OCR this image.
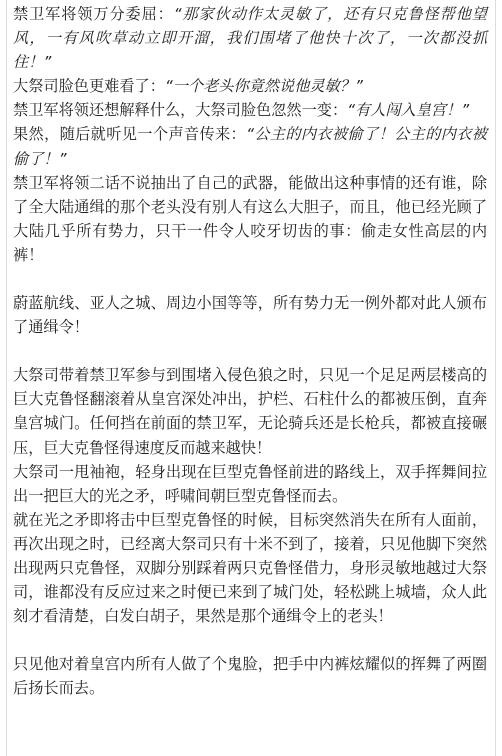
禁卫军将领万分委屈：“那家伙动作太灵敏了，还有只克鲁怪帮他望风，一有风吹草动立即开溜，我们围堵了他快十次了，一次都没抓住！”

大祭司脸色更难看了：“一个老头你竟然说他灵敏？”

禁卫军将领还想解释什么，大祭司脸色忽然一变：“有人闯入皇宫！”

果然，随后就听见一个声音传来：“公主的内衣被偷了！公主的内衣被偷了！”

禁卫军将领二话不说抽出了自己的武器，能做出这种事情的还有谁，除了全大陆通缉的那个老头没有别人有这么大胆子，而且，他已经光顾了大陆几乎所有势力，只干一件令人咬牙切齿的事：偷走女性高层的内裤！

蔚蓝航线、亚人之城、周边小国等等，所有势力无一例外都对此人颁布了通缉令！

大祭司带着禁卫军参与到围堵入侵色狼之时，只见一个足足两层楼高的巨大克鲁怪翻滚着从皇宫深处冲出，护栏、石柱什么的都被压倒，直奔皇宫城门。任何挡在前面的禁卫军，无论骑兵还是长枪兵，都被直接碾压，巨大克鲁怪得速度反而越来越快！

大祭司一甩袖袍，轻身出现在巨型克鲁怪前进的路线上，双手挥舞间拉出一把巨大的光之矛，呼啸间朝巨型克鲁怪而去。

就在光之矛即将击中巨型克鲁怪的时候，目标突然消失在所有人面前，再次出现之时，已经离大祭司只有十米不到了，接着，只见他脚下突然出现两只克鲁怪，双脚分别踩着两只克鲁怪借力，身形灵敏地越过大祭司，谁都没有反应过来之时便已来到了城门处，轻松跳上城墙，众人此刻才看清楚，白发白胡子，果然是那个通缉令上的老头！

只见他对着皇宫内所有人做了个鬼脸，把手中内裤炫耀似的挥舞了两圈后扬长而去。
